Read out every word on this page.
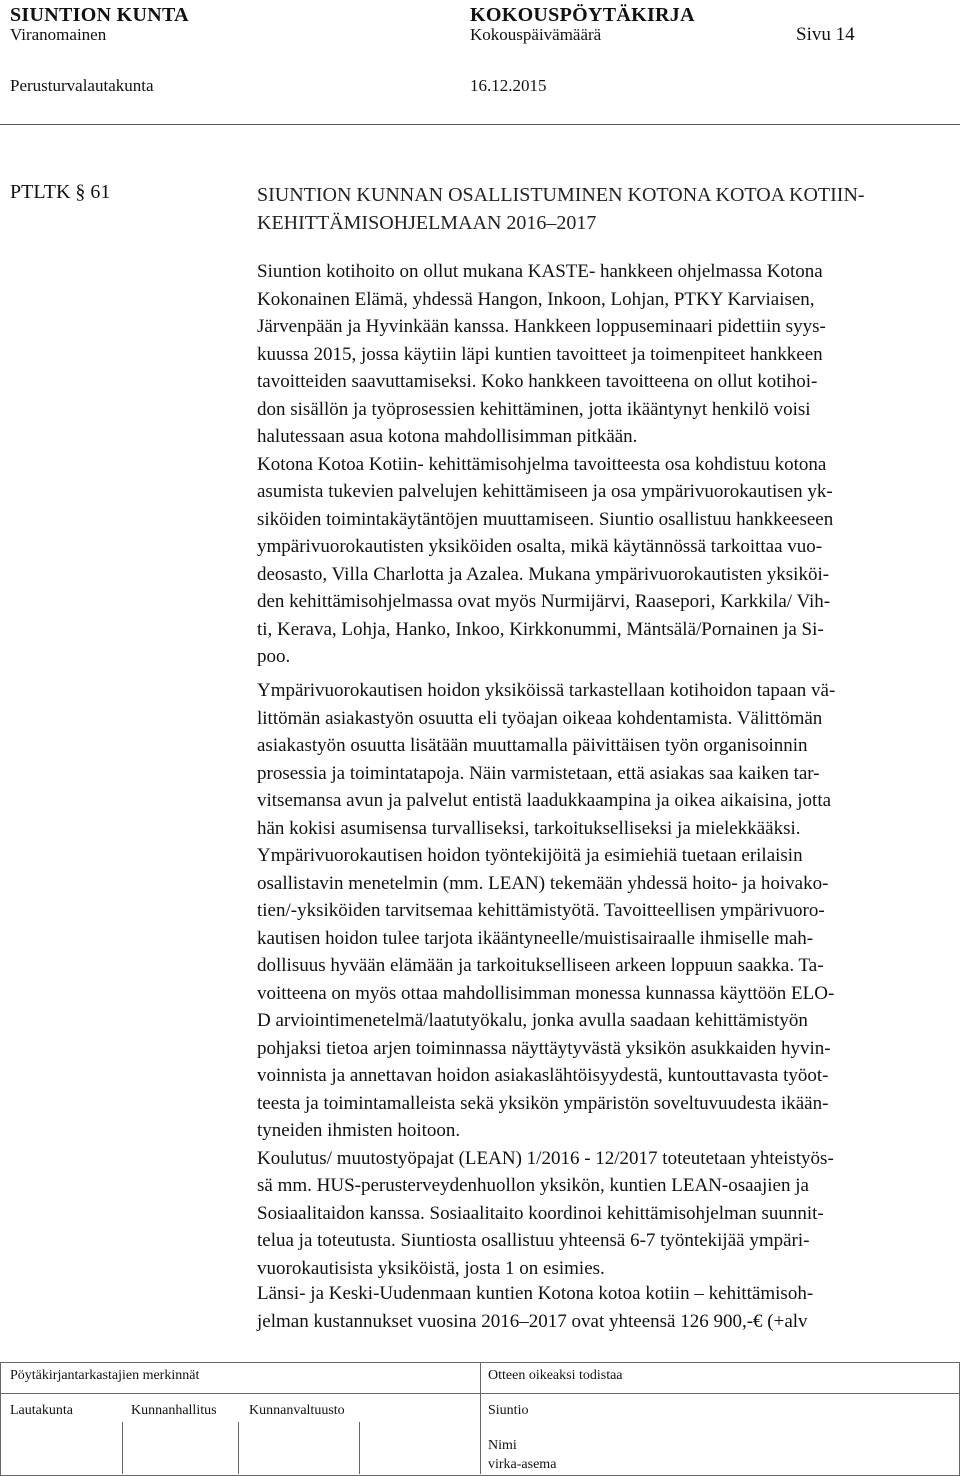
SIUNTION KUNTA
Viranomainen
KOKOUSPÖYTÄKIRJA
Kokouspäivämäärä	Sivu 14
Perusturvalautakunta	16.12.2015
PTLTK § 61	SIUNTION KUNNAN OSALLISTUMINEN KOTONA KOTOA KOTIIN-
KEHITTÄMISOHJELMAAN 2016–2017

Siuntion kotihoito on ollut mukana KASTE- hankkeen ohjelmassa Kotona

Kokonainen Elämä, yhdessä Hangon, Inkoon, Lohjan, PTKY Karviaisen,

Järvenpään ja Hyvinkään kanssa. Hankkeen loppuseminaari pidettiin syys-

kuussa 2015, jossa käytiin läpi kuntien tavoitteet ja toimenpiteet hankkeen

tavoitteiden saavuttamiseksi. Koko hankkeen tavoitteena on ollut kotihoi-

don sisällön ja työprosessien kehittäminen, jotta ikääntynyt henkilö voisi

halutessaan asua kotona mahdollisimman pitkään.

Kotona Kotoa Kotiin- kehittämisohjelma tavoitteesta osa kohdistuu kotona

asumista tukevien palvelujen kehittämiseen ja osa ympärivuorokautisen yk-

siköiden toimintakäytäntöjen muuttamiseen. Siuntio osallistuu hankkeeseen

ympärivuorokautisten yksiköiden osalta, mikä käytännössä tarkoittaa vuo-

deosasto, Villa Charlotta ja Azalea. Mukana ympärivuorokautisten yksiköi-

den kehittämisohjelmassa ovat myös Nurmijärvi, Raasepori, Karkkila/ Vih-

ti, Kerava, Lohja, Hanko, Inkoo, Kirkkonummi, Mäntsälä/Pornainen ja Si-

poo.

Ympärivuorokautisen hoidon yksiköissä tarkastellaan kotihoidon tapaan vä-

littömän asiakastyön osuutta eli työajan oikeaa kohdentamista. Välittömän

asiakastyön osuutta lisätään muuttamalla päivittäisen työn organisoinnin

prosessia ja toimintatapoja. Näin varmistetaan, että asiakas saa kaiken tar-

vitsemansa avun ja palvelut entistä laadukkaampina ja oikea aikaisina, jotta

hän kokisi asumisensa turvalliseksi, tarkoitukselliseksi ja mielekkääksi.

Ympärivuorokautisen hoidon työntekijöitä ja esimiehiä tuetaan erilaisin

osallistavin menetelmin (mm. LEAN) tekemään yhdessä hoito- ja hoivako-

tien/-yksiköiden tarvitsemaa kehittämistyötä. Tavoitteellisen ympärivuoro-

kautisen hoidon tulee tarjota ikääntyneelle/muistisairaalle ihmiselle mah-

dollisuus hyvään elämään ja tarkoitukselliseen arkeen loppuun saakka. Ta-

voitteena on myös ottaa mahdollisimman monessa kunnassa käyttöön ELO-

D arviointimenetelmä/laatutyökalu, jonka avulla saadaan kehittämistyön

pohjaksi tietoa arjen toiminnassa näyttäytyvästä yksikön asukkaiden hyvin-

voinnista ja annettavan hoidon asiakaslähtöisyydestä, kuntouttavasta työot-

teesta ja toimintamalleista sekä yksikön ympäristön soveltuvuudesta ikään-

tyneiden ihmisten hoitoon.

Koulutus/ muutostyöpajat (LEAN) 1/2016 - 12/2017 toteutetaan yhteistyös-

sä mm. HUS-perusterveydenhuollon yksikön, kuntien LEAN-osaajien ja

Sosiaalitaidon kanssa. Sosiaalitaito koordinoi kehittämisohjelman suunnit-

telua ja toteutusta. Siuntiosta osallistuu yhteensä 6-7 työntekijää ympäri-

vuorokautisista yksiköistä, josta 1 on esimies.

Länsi- ja Keski-Uudenmaan kuntien Kotona kotoa kotiin – kehittämisoh-

jelman kustannukset vuosina 2016–2017 ovat yhteensä 126 900,-€ (+alv

Pöytäkirjantarkastajien merkinnät	Otteen oikeaksi todistaa
Lautakunta	Kunnanhallitus Kunnanvaltuusto	Siuntio
Nimi
virka-asema
